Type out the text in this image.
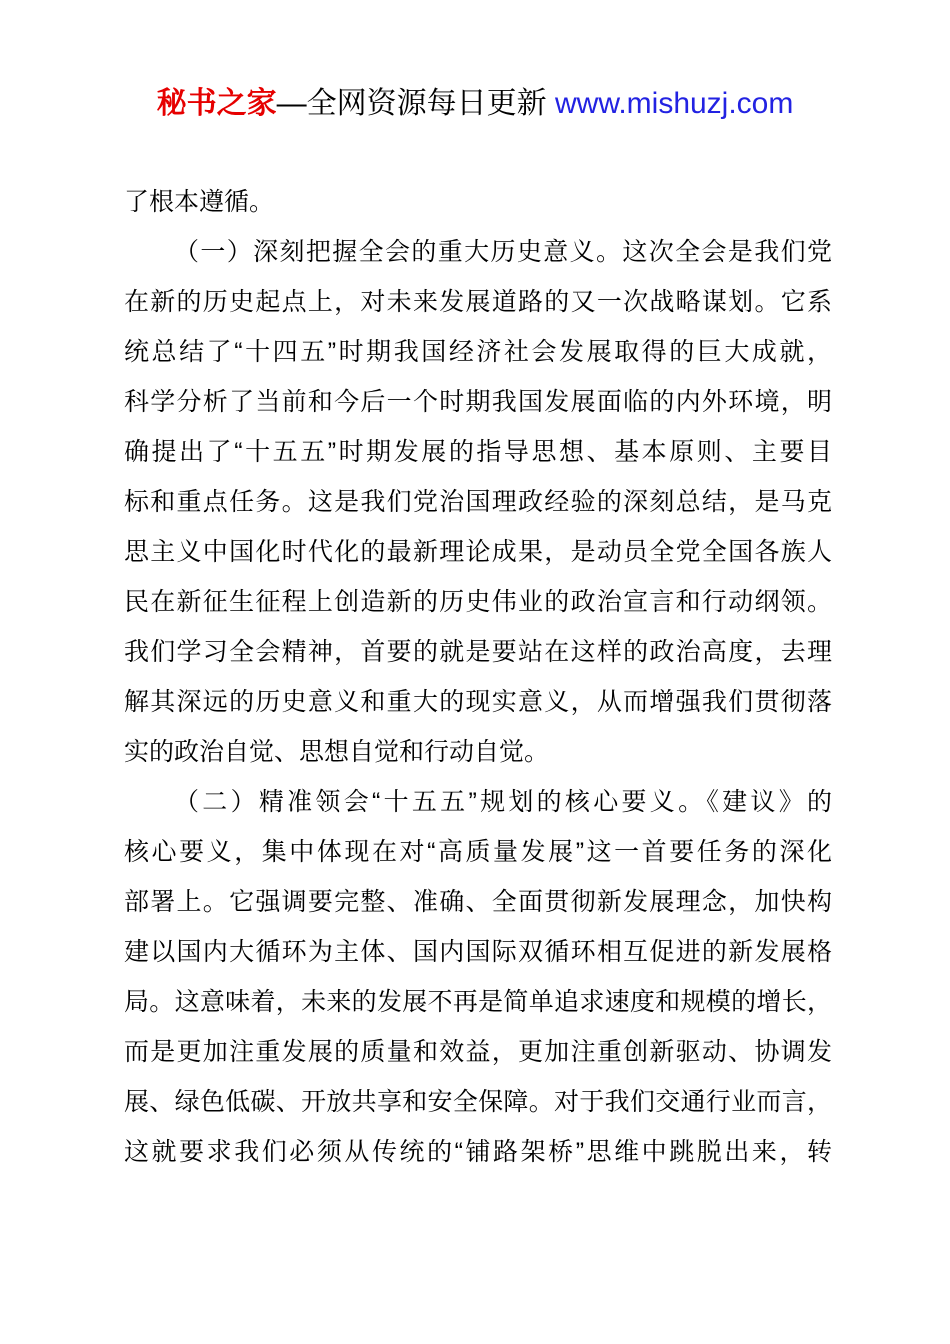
秘书之家—全网资源每日更新 www.mishuzj.com
了根本遵循。
（一）深刻把握全会的重大历史意义。这次全会是我们党
在新的历史起点上，对未来发展道路的又一次战略谋划。它系
统总结了“十四五”时期我国经济社会发展取得的巨大成就，
科学分析了当前和今后一个时期我国发展面临的内外环境，明
确提出了“十五五”时期发展的指导思想、基本原则、主要目
标和重点任务。这是我们党治国理政经验的深刻总结，是马克
思主义中国化时代化的最新理论成果，是动员全党全国各族人
民在新征生征程上创造新的历史伟业的政治宣言和行动纲领。
我们学习全会精神，首要的就是要站在这样的政治高度，去理
解其深远的历史意义和重大的现实意义，从而增强我们贯彻落
实的政治自觉、思想自觉和行动自觉。
（二）精准领会“十五五”规划的核心要义。《建议》的
核心要义，集中体现在对“高质量发展”这一首要任务的深化
部署上。它强调要完整、准确、全面贯彻新发展理念，加快构
建以国内大循环为主体、国内国际双循环相互促进的新发展格
局。这意味着，未来的发展不再是简单追求速度和规模的增长，
而是更加注重发展的质量和效益，更加注重创新驱动、协调发
展、绿色低碳、开放共享和安全保障。对于我们交通行业而言，
这就要求我们必须从传统的“铺路架桥”思维中跳脱出来，转
